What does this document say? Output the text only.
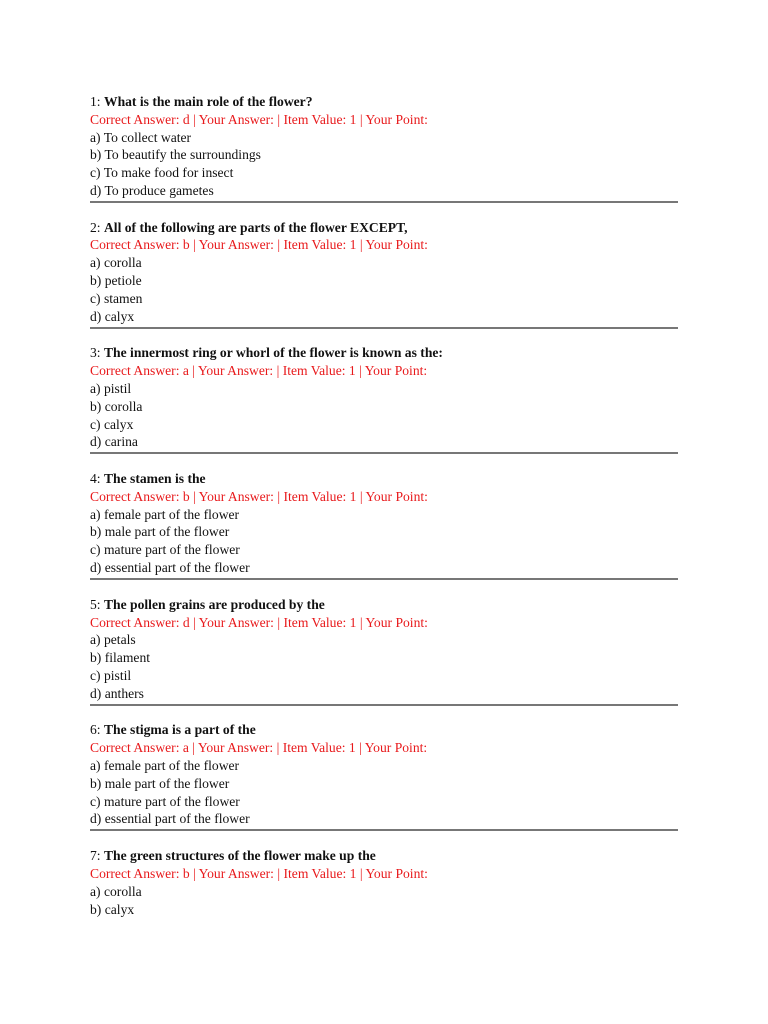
1: What is the main role of the flower?
Correct Answer: d | Your Answer: | Item Value: 1 | Your Point:
a) To collect water
b) To beautify the surroundings
c) To make food for insect
d) To produce gametes
2: All of the following are parts of the flower EXCEPT,
Correct Answer: b | Your Answer: | Item Value: 1 | Your Point:
a) corolla
b) petiole
c) stamen
d) calyx
3: The innermost ring or whorl of the flower is known as the:
Correct Answer: a | Your Answer: | Item Value: 1 | Your Point:
a) pistil
b) corolla
c) calyx
d) carina
4: The stamen is the
Correct Answer: b | Your Answer: | Item Value: 1 | Your Point:
a) female part of the flower
b) male part of the flower
c) mature part of the flower
d) essential part of the flower
5: The pollen grains are produced by the
Correct Answer: d | Your Answer: | Item Value: 1 | Your Point:
a) petals
b) filament
c) pistil
d) anthers
6: The stigma is a part of the
Correct Answer: a | Your Answer: | Item Value: 1 | Your Point:
a) female part of the flower
b) male part of the flower
c) mature part of the flower
d) essential part of the flower
7: The green structures of the flower make up the
Correct Answer: b | Your Answer: | Item Value: 1 | Your Point:
a) corolla
b) calyx
